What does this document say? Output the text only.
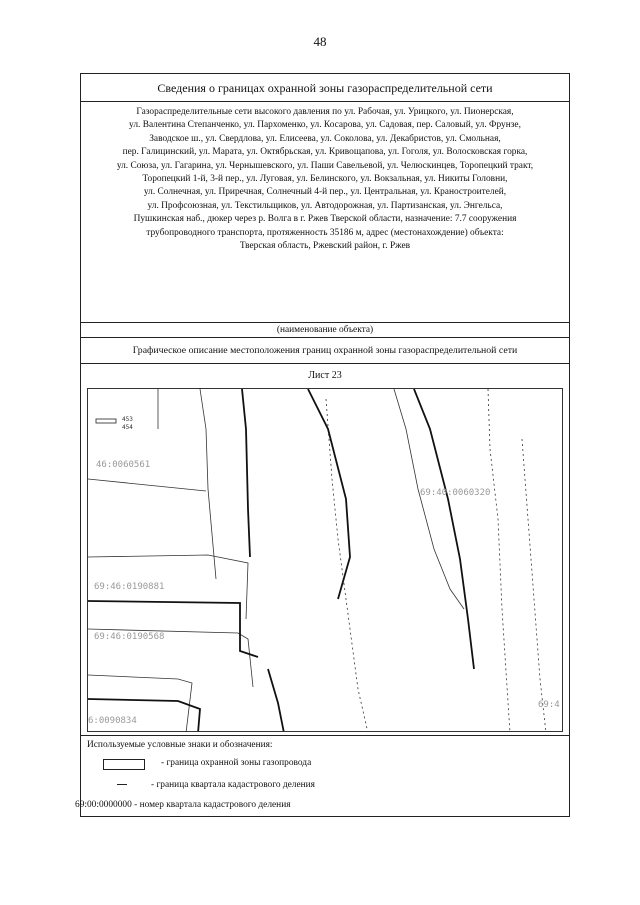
48
Сведения о границах охранной зоны газораспределительной сети
Газораспределительные сети высокого давления по ул. Рабочая, ул. Урицкого, ул. Пионерская,
ул. Валентина Степанченко, ул. Пархоменко, ул. Косарова, ул. Садовая, пер. Саловый, ул. Фрунзе,
Заводское ш., ул. Свердлова, ул. Елисеева, ул. Соколова, ул. Декабристов, ул. Смольная,
пер. Галицинский, ул. Марата, ул. Октябрьская, ул. Кривощапова, ул. Гоголя, ул. Волосковская горка,
ул. Союза, ул. Гагарина, ул. Чернышевского, ул. Паши Савельевой, ул. Челюскинцев, Торопецкий тракт,
Торопецкий 1-й, 3-й пер., ул. Луговая, ул. Белинского, ул. Вокзальная, ул. Никиты Головни,
ул. Солнечная, ул. Приречная, Солнечный 4-й пер., ул. Центральная, ул. Краностроителей,
ул. Профсоюзная, ул. Текстильщиков, ул. Автодорожная, ул. Партизанская, ул. Энгельса,
Пушкинская наб., дюкер через р. Волга в г. Ржев Тверской области, назначение: 7.7 сооружения
трубопроводного транспорта, протяженность 35186 м, адрес (местонахождение) объекта:
Тверская область, Ржевский район, г. Ржев
(наименование объекта)
Графическое описание местоположения границ охранной зоны газораспределительной сети
Лист 23
453
454
46:0060561
69:40:0060320
69:46:0190881
69:46:0190568
6:0090834
69:4
Используемые условные знаки и обозначения:
- граница охранной зоны газопровода
- граница квартала кадастрового деления
69:00:0000000 - номер квартала кадастрового деления
